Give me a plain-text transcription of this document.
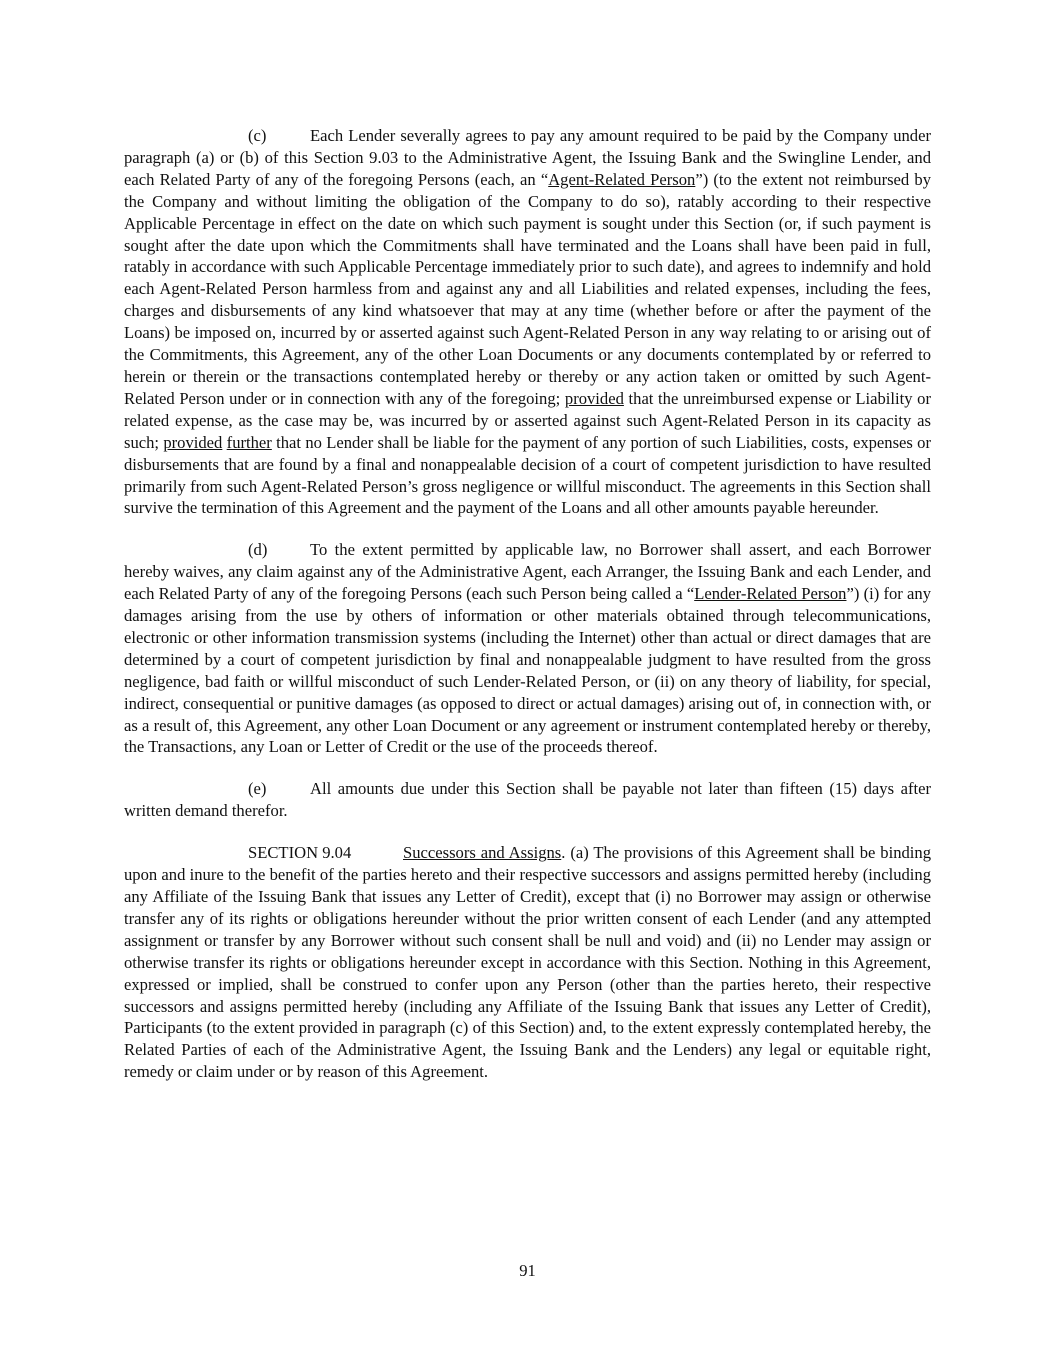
(c)	Each Lender severally agrees to pay any amount required to be paid by the Company under paragraph (a) or (b) of this Section 9.03 to the Administrative Agent, the Issuing Bank and the Swingline Lender, and each Related Party of any of the foregoing Persons (each, an “Agent-Related Person”) (to the extent not reimbursed by the Company and without limiting the obligation of the Company to do so), ratably according to their respective Applicable Percentage in effect on the date on which such payment is sought under this Section (or, if such payment is sought after the date upon which the Commitments shall have terminated and the Loans shall have been paid in full, ratably in accordance with such Applicable Percentage immediately prior to such date), and agrees to indemnify and hold each Agent-Related Person harmless from and against any and all Liabilities and related expenses, including the fees, charges and disbursements of any kind whatsoever that may at any time (whether before or after the payment of the Loans) be imposed on, incurred by or asserted against such Agent-Related Person in any way relating to or arising out of the Commitments, this Agreement, any of the other Loan Documents or any documents contemplated by or referred to herein or therein or the transactions contemplated hereby or thereby or any action taken or omitted by such Agent-Related Person under or in connection with any of the foregoing; provided that the unreimbursed expense or Liability or related expense, as the case may be, was incurred by or asserted against such Agent-Related Person in its capacity as such; provided further that no Lender shall be liable for the payment of any portion of such Liabilities, costs, expenses or disbursements that are found by a final and nonappealable decision of a court of competent jurisdiction to have resulted primarily from such Agent-Related Person’s gross negligence or willful misconduct. The agreements in this Section shall survive the termination of this Agreement and the payment of the Loans and all other amounts payable hereunder.

(d)	To the extent permitted by applicable law, no Borrower shall assert, and each Borrower hereby waives, any claim against any of the Administrative Agent, each Arranger, the Issuing Bank and each Lender, and each Related Party of any of the foregoing Persons (each such Person being called a “Lender-Related Person”) (i) for any damages arising from the use by others of information or other materials obtained through telecommunications, electronic or other information transmission systems (including the Internet) other than actual or direct damages that are determined by a court of competent jurisdiction by final and nonappealable judgment to have resulted from the gross negligence, bad faith or willful misconduct of such Lender-Related Person, or (ii) on any theory of liability, for special, indirect, consequential or punitive damages (as opposed to direct or actual damages) arising out of, in connection with, or as a result of, this Agreement, any other Loan Document or any agreement or instrument contemplated hereby or thereby, the Transactions, any Loan or Letter of Credit or the use of the proceeds thereof.

(e)	All amounts due under this Section shall be payable not later than fifteen (15) days after written demand therefor.

SECTION 9.04	Successors and Assigns. (a) The provisions of this Agreement shall be binding upon and inure to the benefit of the parties hereto and their respective successors and assigns permitted hereby (including any Affiliate of the Issuing Bank that issues any Letter of Credit), except that (i) no Borrower may assign or otherwise transfer any of its rights or obligations hereunder without the prior written consent of each Lender (and any attempted assignment or transfer by any Borrower without such consent shall be null and void) and (ii) no Lender may assign or otherwise transfer its rights or obligations hereunder except in accordance with this Section. Nothing in this Agreement, expressed or implied, shall be construed to confer upon any Person (other than the parties hereto, their respective successors and assigns permitted hereby (including any Affiliate of the Issuing Bank that issues any Letter of Credit), Participants (to the extent provided in paragraph (c) of this Section) and, to the extent expressly contemplated hereby, the Related Parties of each of the Administrative Agent, the Issuing Bank and the Lenders) any legal or equitable right, remedy or claim under or by reason of this Agreement.

91
